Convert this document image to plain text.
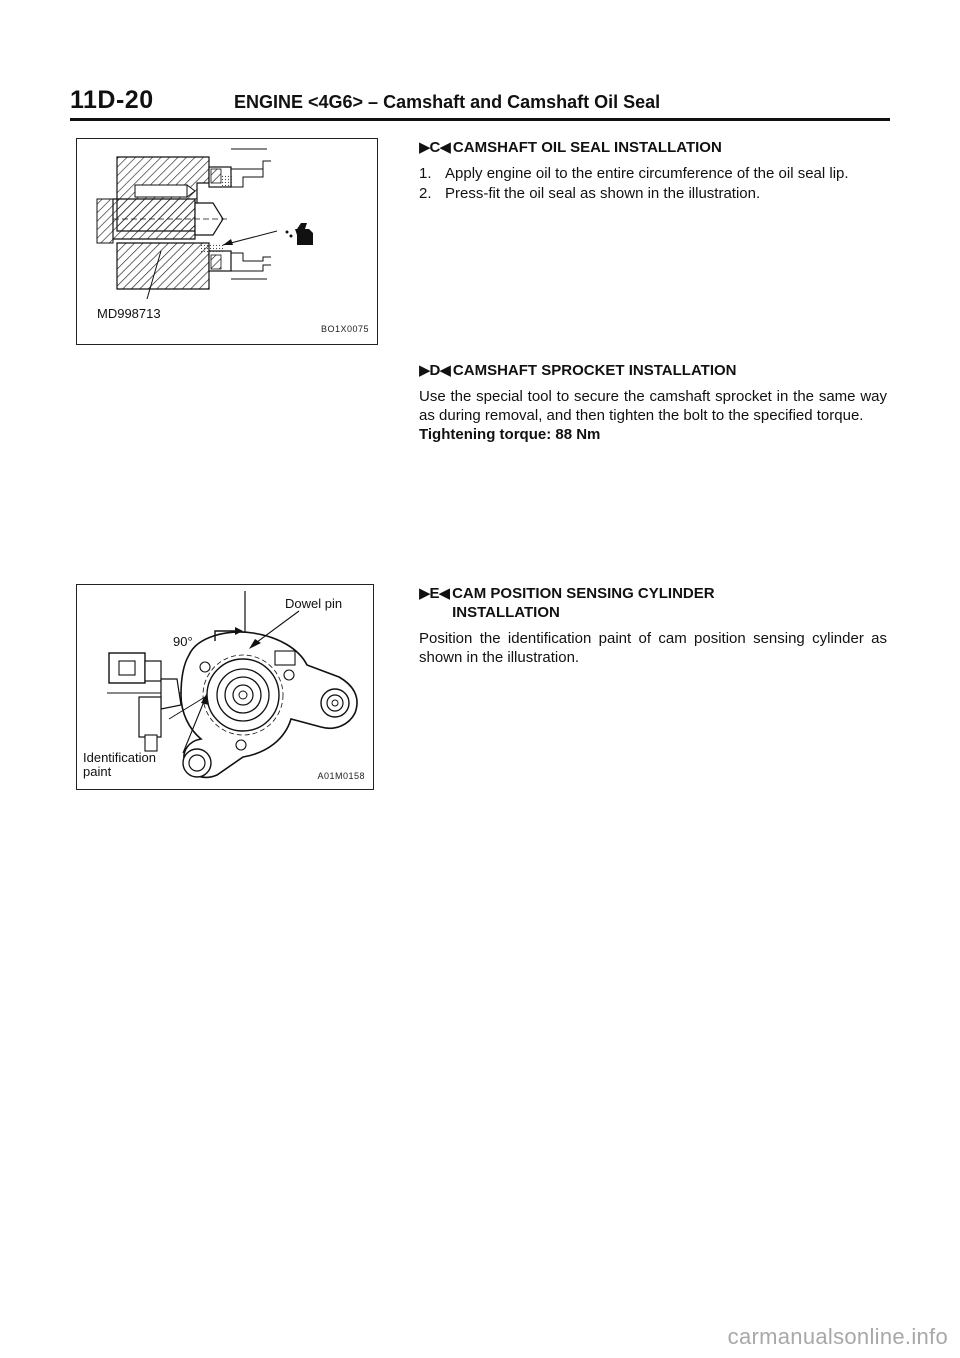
11D-20	ENGINE <4G6> – Camshaft and Camshaft Oil Seal
MD998713
BO1X0075
Dowel pin
90°
Identification
paint	A01M0158
▶C◀ CAMSHAFT OIL SEAL INSTALLATION
1. Apply engine oil to the entire circumference of the oil seal lip.
2. Press-fit the oil seal as shown in the illustration.
▶D◀ CAMSHAFT SPROCKET INSTALLATION

Use the special tool to secure the camshaft sprocket in the same way as during removal, and then tighten the bolt to the specified torque.

Tightening torque: 88 Nm

▶E◀ CAM POSITION SENSING CYLINDER
INSTALLATION

Position the identification paint of cam position sensing cylinder as shown in the illustration.

carmanualsonline.info
